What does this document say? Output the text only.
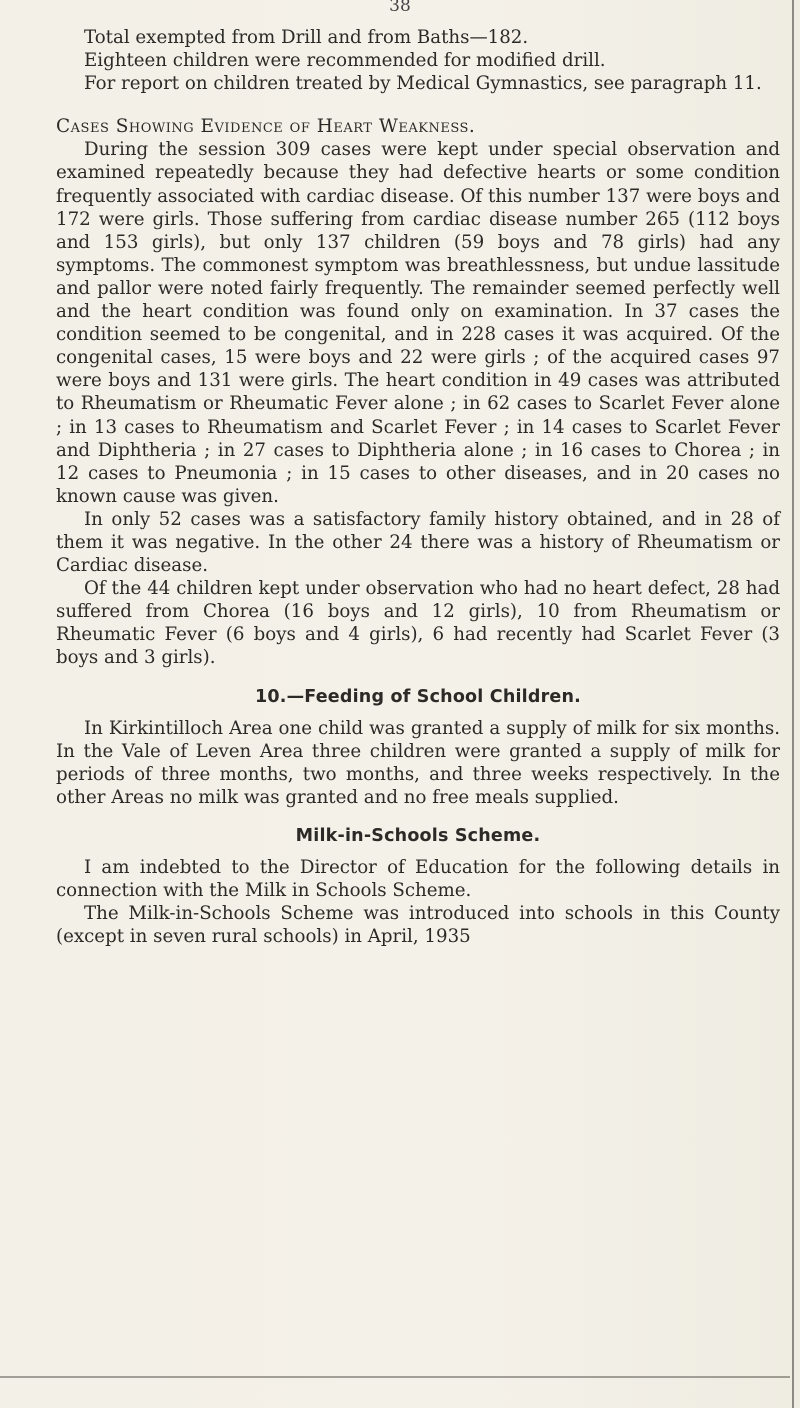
38

Total exempted from Drill and from Baths—182.

Eighteen children were recommended for modified drill.

For report on children treated by Medical Gymnastics, see paragraph 11.

Cases Showing Evidence of Heart Weakness.

During the session 309 cases were kept under special observation and examined repeatedly because they had defective hearts or some condition frequently associated with cardiac disease. Of this number 137 were boys and 172 were girls. Those suffering from cardiac disease number 265 (112 boys and 153 girls), but only 137 children (59 boys and 78 girls) had any symptoms. The commonest symptom was breathlessness, but undue lassitude and pallor were noted fairly frequently. The remainder seemed perfectly well and the heart condition was found only on examination. In 37 cases the condition seemed to be congenital, and in 228 cases it was acquired. Of the congenital cases, 15 were boys and 22 were girls ; of the acquired cases 97 were boys and 131 were girls. The heart condition in 49 cases was attributed to Rheumatism or Rheumatic Fever alone ; in 62 cases to Scarlet Fever alone ; in 13 cases to Rheumatism and Scarlet Fever ; in 14 cases to Scarlet Fever and Diphtheria ; in 27 cases to Diphtheria alone ; in 16 cases to Chorea ; in 12 cases to Pneumonia ; in 15 cases to other diseases, and in 20 cases no known cause was given.

In only 52 cases was a satisfactory family history obtained, and in 28 of them it was negative. In the other 24 there was a history of Rheumatism or Cardiac disease.

Of the 44 children kept under observation who had no heart defect, 28 had suffered from Chorea (16 boys and 12 girls), 10 from Rheumatism or Rheumatic Fever (6 boys and 4 girls), 6 had recently had Scarlet Fever (3 boys and 3 girls).

10.—Feeding of School Children.

In Kirkintilloch Area one child was granted a supply of milk for six months. In the Vale of Leven Area three children were granted a supply of milk for periods of three months, two months, and three weeks respectively. In the other Areas no milk was granted and no free meals supplied.

Milk-in-Schools Scheme.

I am indebted to the Director of Education for the following details in connection with the Milk in Schools Scheme.

The Milk-in-Schools Scheme was introduced into schools in this County (except in seven rural schools) in April, 1935
